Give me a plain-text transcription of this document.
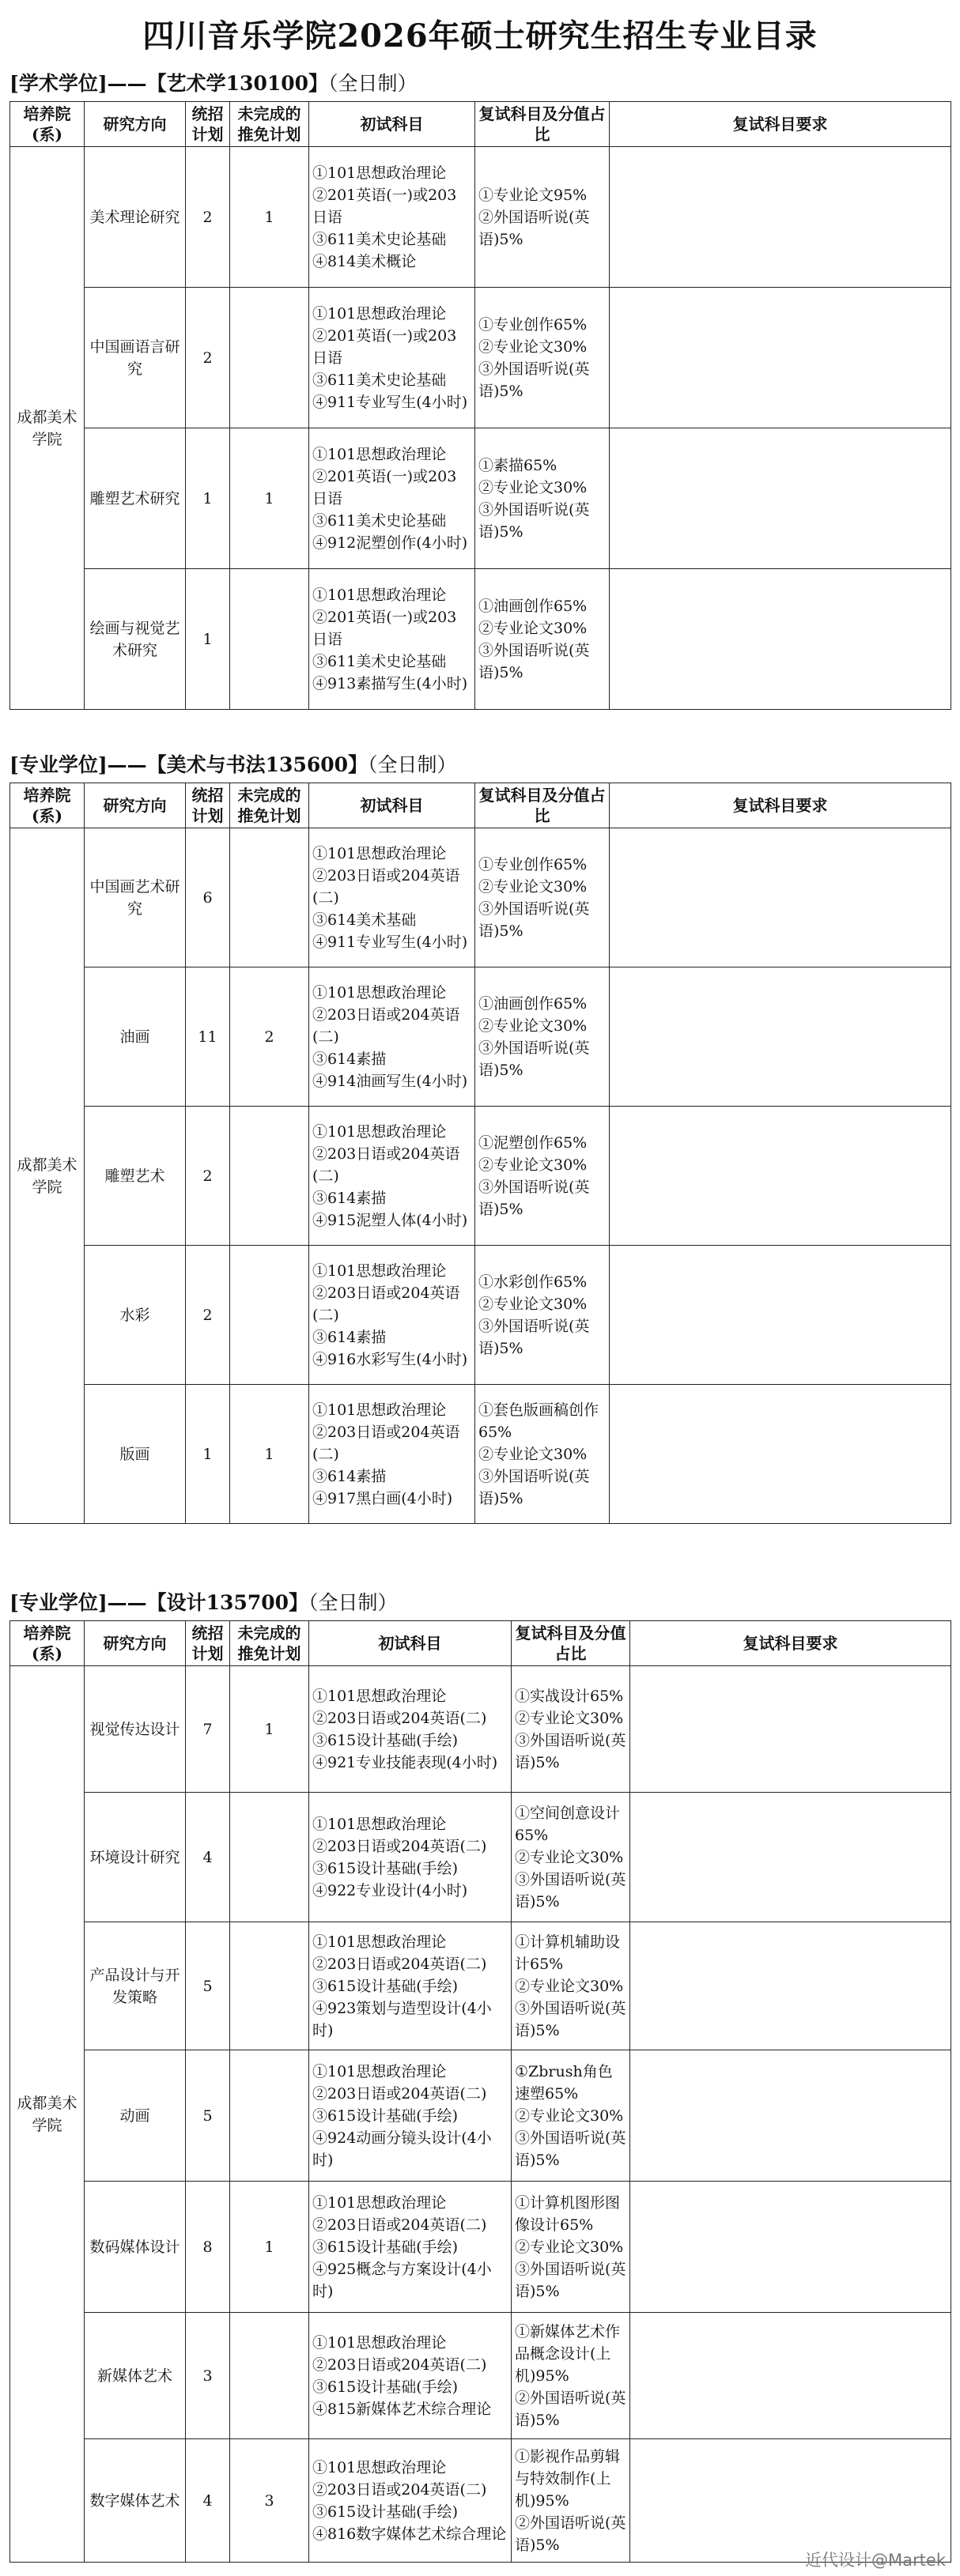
四川音乐学院2026年硕士研究生招生专业目录
[学术学位]——【艺术学130100】（全日制）
培养院(系)	研究方向	统招计划	未完成的推免计划	初试科目	复试科目及分值占比	复试科目要求
成都美术学院	美术理论研究	2	1	①101思想政治理论
②201英语(一)或203日语
③611美术史论基础
④814美术概论	①专业论文95%
②外国语听说(英语)5%	
	中国画语言研究	2		①101思想政治理论
②201英语(一)或203日语
③611美术史论基础
④911专业写生(4小时)	①专业创作65%
②专业论文30%
③外国语听说(英语)5%	
	雕塑艺术研究	1	1	①101思想政治理论
②201英语(一)或203日语
③611美术史论基础
④912泥塑创作(4小时)	①素描65%
②专业论文30%
③外国语听说(英语)5%	
	绘画与视觉艺术研究	1		①101思想政治理论
②201英语(一)或203日语
③611美术史论基础
④913素描写生(4小时)	①油画创作65%
②专业论文30%
③外国语听说(英语)5%	
[专业学位]——【美术与书法135600】（全日制）
培养院(系)	研究方向	统招计划	未完成的推免计划	初试科目	复试科目及分值占比	复试科目要求
成都美术学院	中国画艺术研究	6		①101思想政治理论
②203日语或204英语(二)
③614美术基础
④911专业写生(4小时)	①专业创作65%
②专业论文30%
③外国语听说(英语)5%	
	油画	11	2	①101思想政治理论
②203日语或204英语(二)
③614素描
④914油画写生(4小时)	①油画创作65%
②专业论文30%
③外国语听说(英语)5%	
	雕塑艺术	2		①101思想政治理论
②203日语或204英语(二)
③614素描
④915泥塑人体(4小时)	①泥塑创作65%
②专业论文30%
③外国语听说(英语)5%	
	水彩	2		①101思想政治理论
②203日语或204英语(二)
③614素描
④916水彩写生(4小时)	①水彩创作65%
②专业论文30%
③外国语听说(英语)5%	
	版画	1	1	①101思想政治理论
②203日语或204英语(二)
③614素描
④917黑白画(4小时)	①套色版画稿创作65%
②专业论文30%
③外国语听说(英语)5%	
[专业学位]——【设计135700】（全日制）
培养院(系)	研究方向	统招计划	未完成的推免计划	初试科目	复试科目及分值占比	复试科目要求
成都美术学院	视觉传达设计	7	1	①101思想政治理论
②203日语或204英语(二)
③615设计基础(手绘)
④921专业技能表现(4小时)	①实战设计65%
②专业论文30%
③外国语听说(英语)5%	
	环境设计研究	4		①101思想政治理论
②203日语或204英语(二)
③615设计基础(手绘)
④922专业设计(4小时)	①空间创意设计65%
②专业论文30%
③外国语听说(英语)5%	
	产品设计与开发策略	5		①101思想政治理论
②203日语或204英语(二)
③615设计基础(手绘)
④923策划与造型设计(4小时)	①计算机辅助设计65%
②专业论文30%
③外国语听说(英语)5%	
	动画	5		①101思想政治理论
②203日语或204英语(二)
③615设计基础(手绘)
④924动画分镜头设计(4小时)	①Zbrush角色速塑65%
②专业论文30%
③外国语听说(英语)5%	
	数码媒体设计	8	1	①101思想政治理论
②203日语或204英语(二)
③615设计基础(手绘)
④925概念与方案设计(4小时)	①计算机图形图像设计65%
②专业论文30%
③外国语听说(英语)5%	
	新媒体艺术	3		①101思想政治理论
②203日语或204英语(二)
③615设计基础(手绘)
④815新媒体艺术综合理论	①新媒体艺术作品概念设计(上机)95%
②外国语听说(英语)5%	
	数字媒体艺术	4	3	①101思想政治理论
②203日语或204英语(二)
③615设计基础(手绘)
④816数字媒体艺术综合理论	①影视作品剪辑与特效制作(上机)95%
②外国语听说(英语)5%	
近代设计@Martek
